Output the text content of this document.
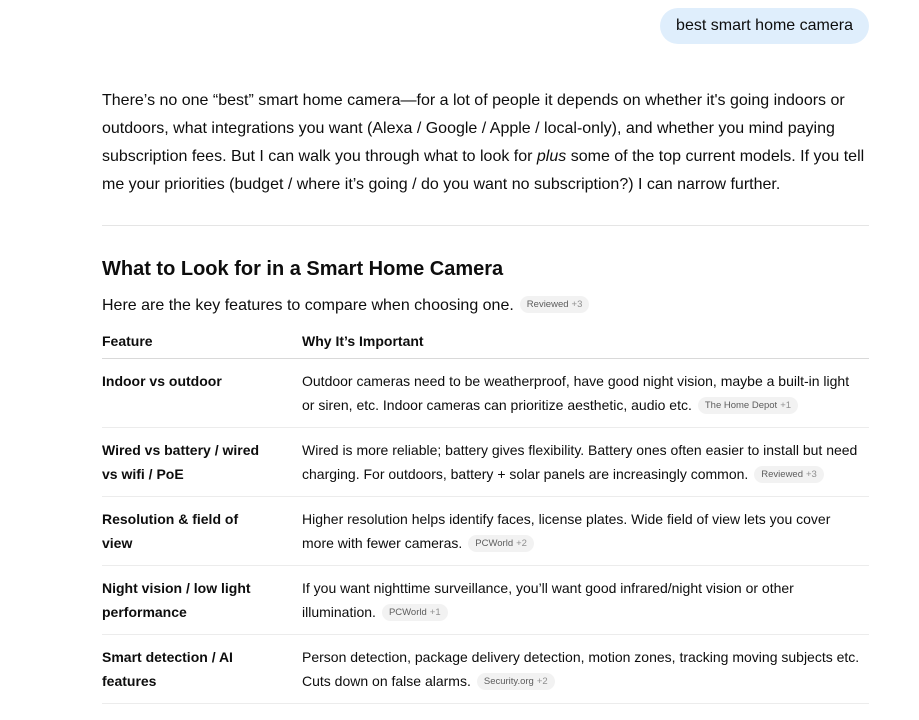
best smart home camera

There’s no one “best” smart home camera—for a lot of people it depends on whether it's going indoors or outdoors, what integrations you want (Alexa / Google / Apple / local-only), and whether you mind paying subscription fees. But I can walk you through what to look for plus some of the top current models. If you tell me your priorities (budget / where it’s going / do you want no subscription?) I can narrow further.

What to Look for in a Smart Home Camera

Here are the key features to compare when choosing one. Reviewed +3

Feature	Why It’s Important
Indoor vs outdoor	Outdoor cameras need to be weatherproof, have good night vision, maybe a built-in light or siren, etc. Indoor cameras can prioritize aesthetic, audio etc. The Home Depot +1
Wired vs battery / wired vs wifi / PoE	Wired is more reliable; battery gives flexibility. Battery ones often easier to install but need charging. For outdoors, battery + solar panels are increasingly common. Reviewed +3
Resolution & field of view	Higher resolution helps identify faces, license plates. Wide field of view lets you cover more with fewer cameras. PCWorld +2
Night vision / low light performance	If you want nighttime surveillance, you’ll want good infrared/night vision or other illumination. PCWorld +1
Smart detection / AI features	Person detection, package delivery detection, motion zones, tracking moving subjects etc. Cuts down on false alarms. Security.org +2
